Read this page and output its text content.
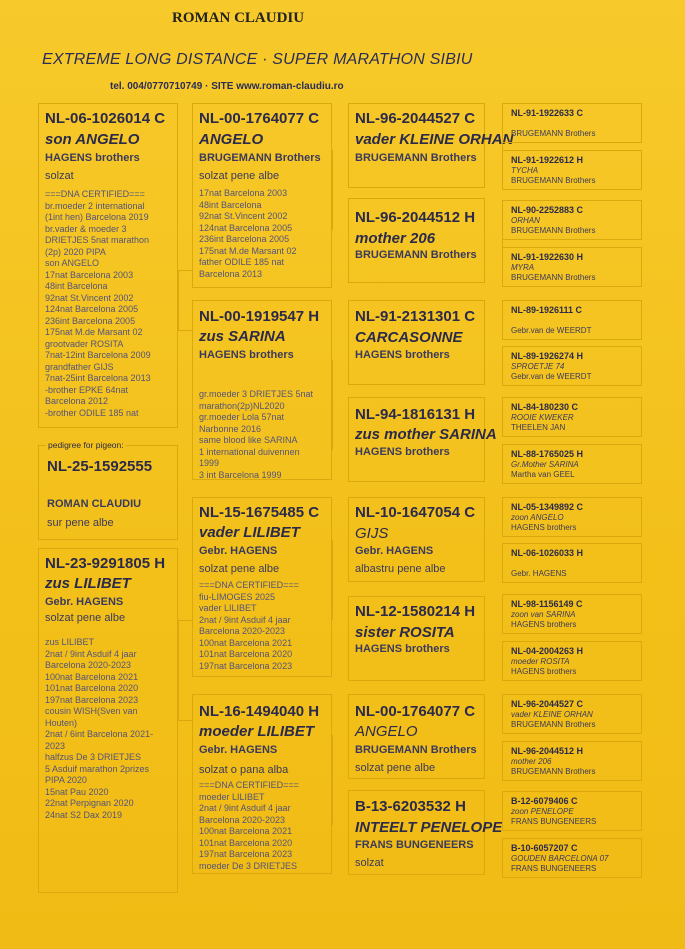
ROMAN CLAUDIU
EXTREME LONG DISTANCE · SUPER MARATHON SIBIU
tel. 004/0770710749 · SITE www.roman-claudiu.ro
NL-06-1026014 C
son ANGELO
HAGENS brothers
solzat
===DNA CERTIFIED===
br.moeder 2 international
(1int hen) Barcelona 2019
br.vader & moeder 3
DRIETJES 5nat marathon
(2p) 2020 PIPA
son ANGELO
17nat Barcelona 2003
48int Barcelona
92nat St.Vincent 2002
124nat Barcelona 2005
236int Barcelona 2005
175nat M.de Marsant 02
grootvader ROSITA
7nat-12int Barcelona 2009
grandfather GIJS
7nat-25int Barcelona 2013
-brother EPKE 64nat
Barcelona 2012
-brother ODILE 185 nat
NL-25-1592555
ROMAN CLAUDIU
sur pene albe
pedigree for pigeon:
NL-23-9291805 H
zus LILIBET
Gebr. HAGENS
solzat pene albe
zus LILIBET
2nat / 9int Asduif 4 jaar
Barcelona 2020-2023
100nat Barcelona 2021
101nat Barcelona 2020
197nat Barcelona 2023
cousin WISH(Sven van
Houten)
2nat / 6int Barcelona 2021-
2023
halfzus De 3 DRIETJES
5 Asduif marathon 2prizes
PIPA 2020
15nat Pau 2020
22nat Perpignan 2020
24nat S2 Dax 2019
NL-00-1764077 C
ANGELO
BRUGEMANN Brothers
solzat pene albe
17nat Barcelona 2003
48int Barcelona
92nat St.Vincent 2002
124nat Barcelona 2005
236int Barcelona 2005
175nat M.de Marsant 02
father ODILE 185 nat
Barcelona 2013
NL-00-1919547 H
zus SARINA
HAGENS brothers
gr.moeder 3 DRIETJES 5nat
marathon(2p)NL2020
gr.moeder Lola 57nat
Narbonne 2016
same blood like SARINA
1 international duivennen
1999
3 int Barcelona 1999
NL-15-1675485 C
vader LILIBET
Gebr. HAGENS
solzat pene albe
===DNA CERTIFIED===
fiu-LIMOGES 2025
vader LILIBET
2nat / 9int Asduif 4 jaar
Barcelona 2020-2023
100nat Barcelona 2021
101nat Barcelona 2020
197nat Barcelona 2023
NL-16-1494040 H
moeder LILIBET
Gebr. HAGENS
solzat o pana alba
===DNA CERTIFIED===
moeder LILIBET
2nat / 9int Asduif 4 jaar
Barcelona 2020-2023
100nat Barcelona 2021
101nat Barcelona 2020
197nat Barcelona 2023
moeder De 3 DRIETJES
NL-96-2044527 C
vader KLEINE ORHAN
BRUGEMANN Brothers
NL-96-2044512 H
mother 206
BRUGEMANN Brothers
NL-91-2131301 C
CARCASONNE
HAGENS brothers
NL-94-1816131 H
zus mother SARINA
HAGENS brothers
NL-10-1647054 C
GIJS
Gebr. HAGENS
albastru pene albe
NL-12-1580214 H
sister ROSITA
HAGENS brothers
NL-00-1764077 C
ANGELO
BRUGEMANN Brothers
solzat pene albe
B-13-6203532 H
INTEELT PENELOPE
FRANS BUNGENEERS
solzat
NL-91-1922633 C
BRUGEMANN Brothers
NL-91-1922612 H
TYCHA
BRUGEMANN Brothers
NL-90-2252883 C
ORHAN
BRUGEMANN Brothers
NL-91-1922630 H
MYRA
BRUGEMANN Brothers
NL-89-1926111 C
Gebr.van de WEERDT
NL-89-1926274 H
SPROETJE 74
Gebr.van de WEERDT
NL-84-180230 C
ROOIE KWEKER
THEELEN JAN
NL-88-1765025 H
Gr.Mother SARINA
Martha van GEEL
NL-05-1349892 C
zoon ANGELO
HAGENS brothers
NL-06-1026033 H
Gebr. HAGENS
NL-98-1156149 C
zoon van SARINA
HAGENS brothers
NL-04-2004263 H
moeder ROSITA
HAGENS brothers
NL-96-2044527 C
vader KLEINE ORHAN
BRUGEMANN Brothers
NL-96-2044512 H
mother 206
BRUGEMANN Brothers
B-12-6079406 C
zoon PENELOPE
FRANS BUNGENEERS
B-10-6057207 C
GOUDEN BARCELONA 07
FRANS BUNGENEERS
